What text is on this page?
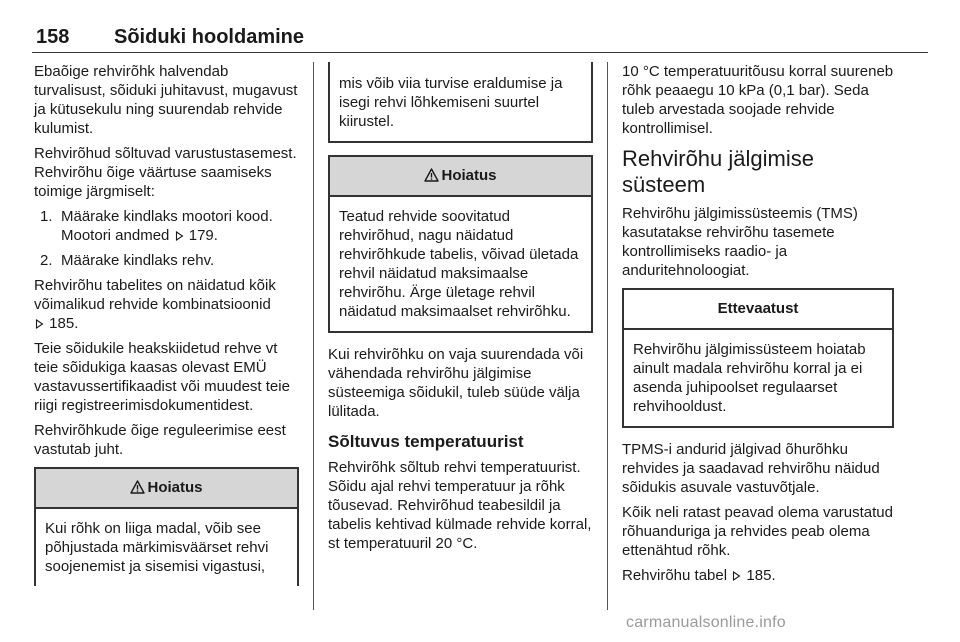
158 Sõiduki hooldamine

Ebaõige rehvirõhk halvendab turvalisust, sõiduki juhitavust, mugavust ja kütusekulu ning suurendab rehvide kulumist.

Rehvirõhud sõltuvad varustustasemest. Rehvirõhu õige väärtuse saamiseks toimige järgmiselt:

1. Määrake kindlaks mootori kood. Mootori andmed 179.
2. Määrake kindlaks rehv.

Rehvirõhu tabelites on näidatud kõik võimalikud rehvide kombinatsioonid
185.

Teie sõidukile heakskiidetud rehve vt teie sõidukiga kaasas olevast EMÜ vastavussertifikaadist või muudest teie riigi registreerimisdokumentidest.

Rehvirõhkude õige reguleerimise eest vastutab juht.

Hoiatus
Kui rõhk on liiga madal, võib see põhjustada märkimisväärset rehvi soojenemist ja sisemisi vigastusi,
mis võib viia turvise eraldumise ja isegi rehvi lõhkemiseni suurtel kiirustel.
Hoiatus
Teatud rehvide soovitatud rehvirõhud, nagu näidatud rehvirõhkude tabelis, võivad ületada rehvil näidatud maksimaalse rehvirõhu. Ärge ületage rehvil näidatud maksimaalset rehvirõhku.

Kui rehvirõhku on vaja suurendada või vähendada rehvirõhu jälgimise süsteemiga sõidukil, tuleb süüde välja lülitada.

Sõltuvus temperatuurist

Rehvirõhk sõltub rehvi temperatuurist. Sõidu ajal rehvi temperatuur ja rõhk tõusevad. Rehvirõhud teabesildil ja tabelis kehtivad külmade rehvide korral, st temperatuuril 20 °C.

10 °C temperatuuritõusu korral suureneb rõhk peaaegu 10 kPa (0,1 bar). Seda tuleb arvestada soojade rehvide kontrollimisel.

Rehvirõhu jälgimise süsteem

Rehvirõhu jälgimissüsteemis (TMS) kasutatakse rehvirõhu tasemete kontrollimiseks raadio- ja anduritehnoloogiat.

Ettevaatust
Rehvirõhu jälgimissüsteem hoiatab ainult madala rehvirõhu korral ja ei asenda juhipoolset regulaarset rehvihooldust.

TPMS-i andurid jälgivad õhurõhku rehvides ja saadavad rehvirõhu näidud sõidukis asuvale vastuvõtjale.

Kõik neli ratast peavad olema varustatud rõhuanduriga ja rehvides peab olema ettenähtud rõhk.

Rehvirõhu tabel 185.

carmanualsonline.info
